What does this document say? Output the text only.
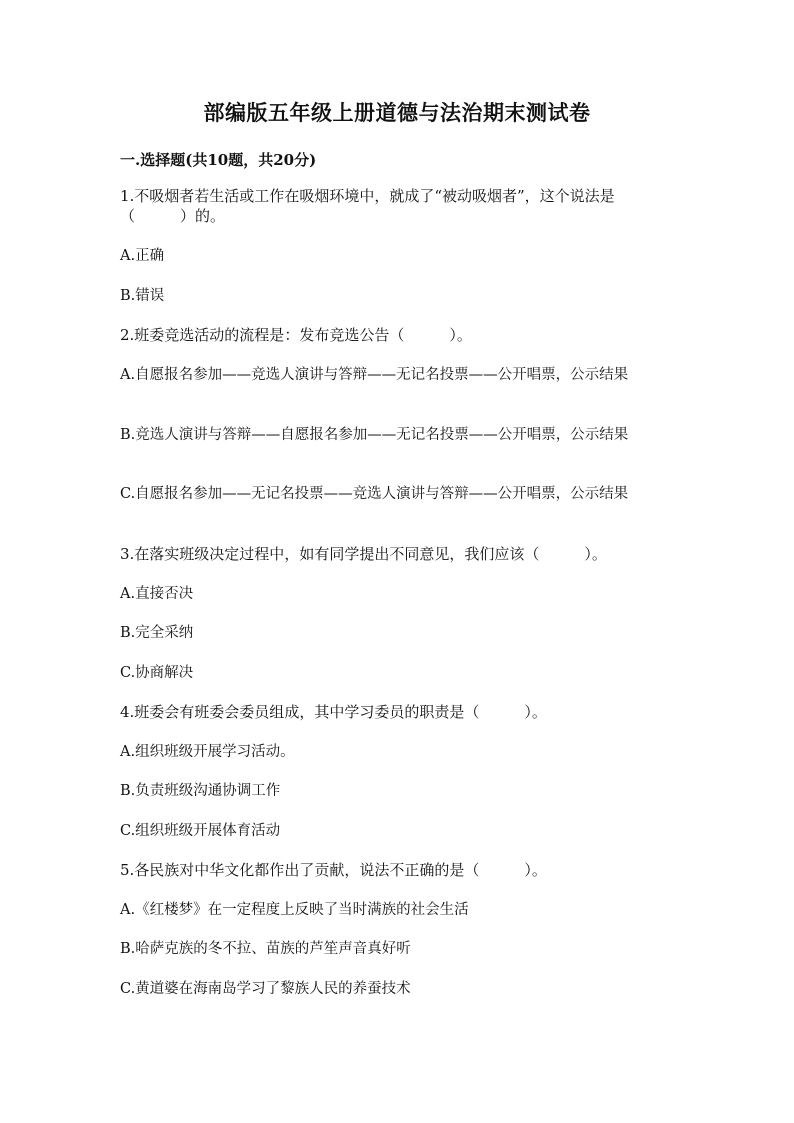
部编版五年级上册道德与法治期末测试卷
一.选择题(共10题，共20分)

1.不吸烟者若生活或工作在吸烟环境中，就成了“被动吸烟者”，这个说法是（　　　）的。

A.正确

B.错误

2.班委竞选活动的流程是：发布竞选公告（　　　）。

A.自愿报名参加——竞选人演讲与答辩——无记名投票——公开唱票，公示结果

B.竞选人演讲与答辩——自愿报名参加——无记名投票——公开唱票，公示结果

C.自愿报名参加——无记名投票——竞选人演讲与答辩——公开唱票，公示结果

3.在落实班级决定过程中，如有同学提出不同意见，我们应该（　　　）。

A.直接否决

B.完全采纳

C.协商解决

4.班委会有班委会委员组成，其中学习委员的职责是（　　　）。

A.组织班级开展学习活动。

B.负责班级沟通协调工作

C.组织班级开展体育活动

5.各民族对中华文化都作出了贡献，说法不正确的是（　　　）。

A.《红楼梦》在一定程度上反映了当时满族的社会生活

B.哈萨克族的冬不拉、苗族的芦笙声音真好听

C.黄道婆在海南岛学习了黎族人民的养蚕技术
